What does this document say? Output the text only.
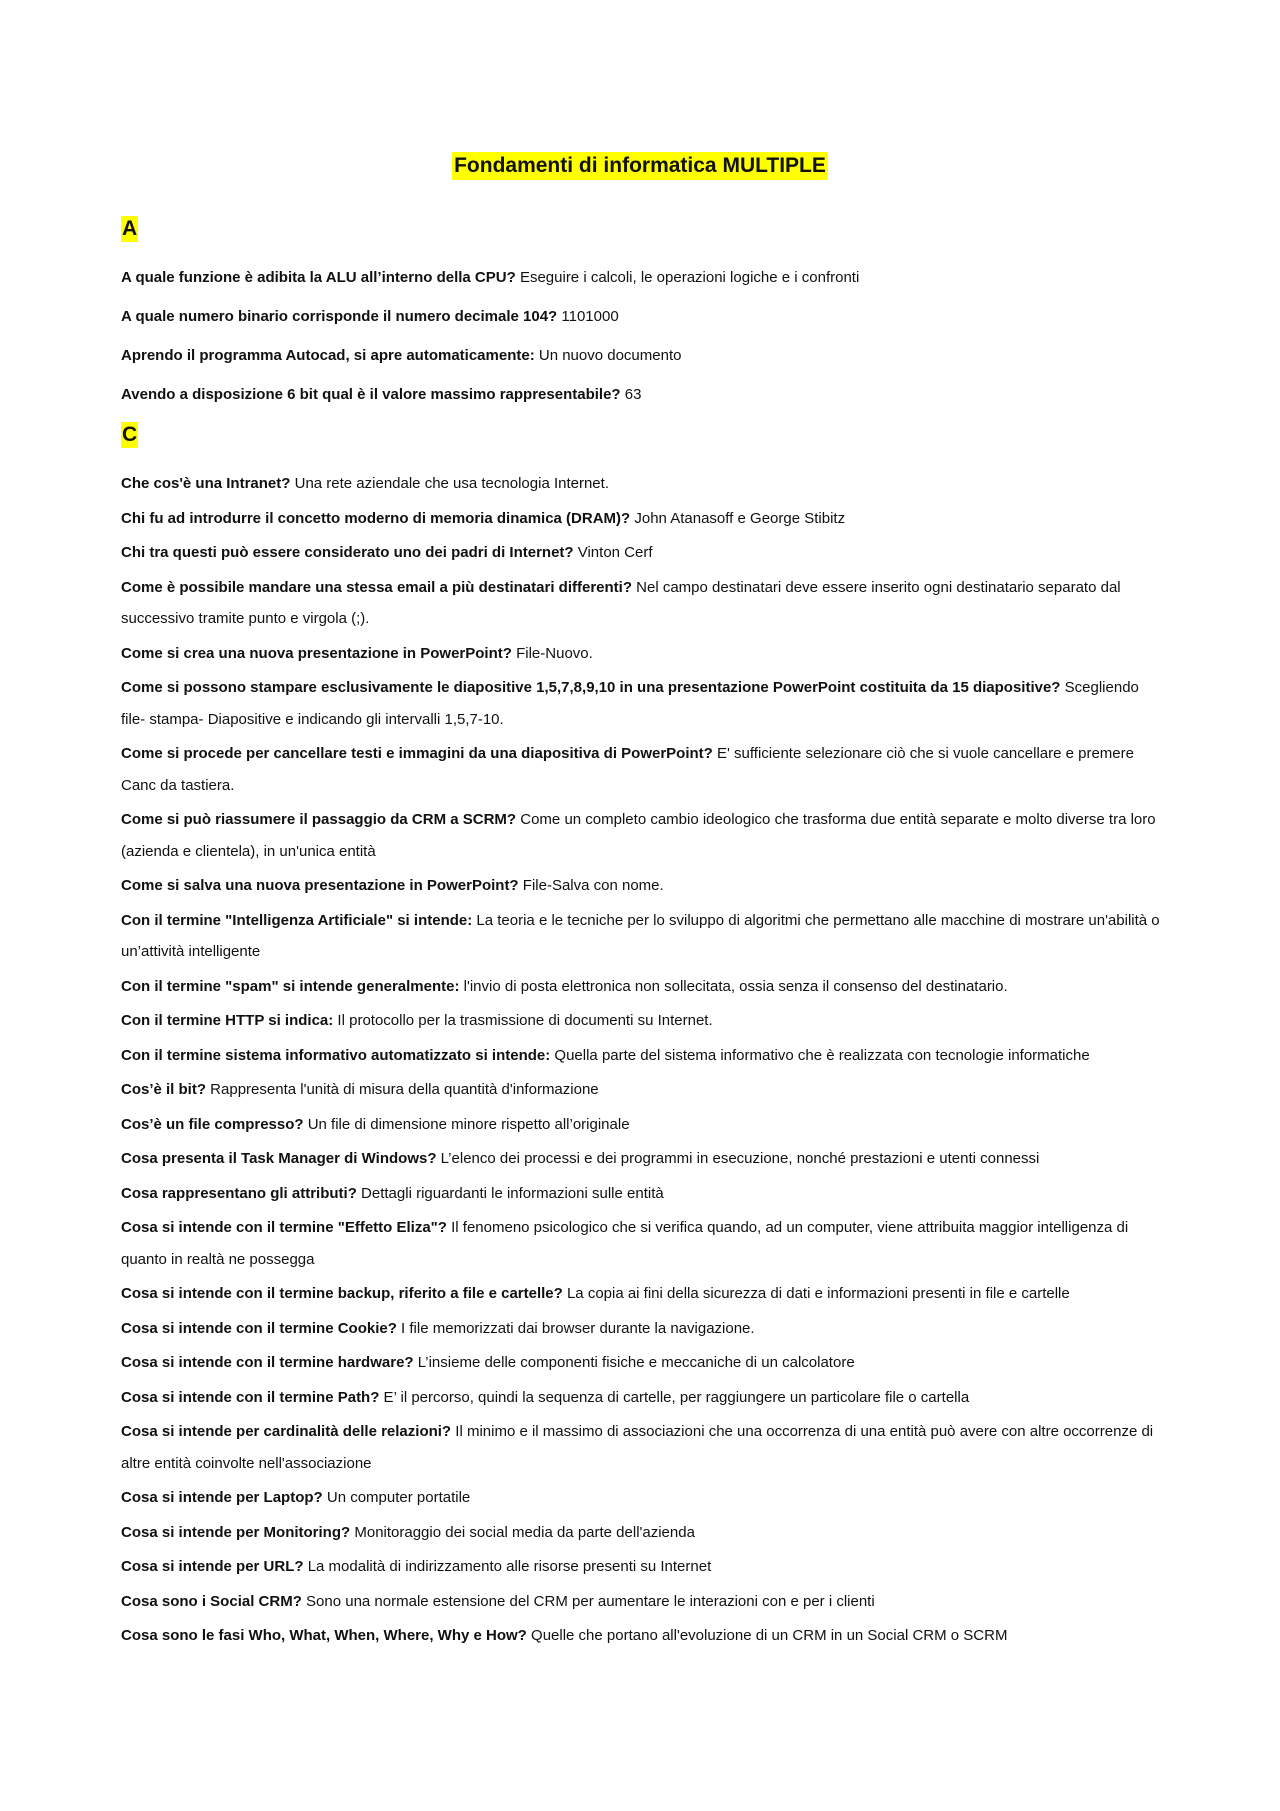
Fondamenti di informatica MULTIPLE
A

A quale funzione è adibita la ALU all’interno della CPU? Eseguire i calcoli, le operazioni logiche e i confronti

A quale numero binario corrisponde il numero decimale 104? 1101000

Aprendo il programma Autocad, si apre automaticamente: Un nuovo documento

Avendo a disposizione 6 bit qual è il valore massimo rappresentabile? 63

C

Che cos'è una Intranet? Una rete aziendale che usa tecnologia Internet.

Chi fu ad introdurre il concetto moderno di memoria dinamica (DRAM)? John Atanasoff e George Stibitz

Chi tra questi può essere considerato uno dei padri di Internet? Vinton Cerf

Come è possibile mandare una stessa email a più destinatari differenti? Nel campo destinatari deve essere inserito ogni destinatario separato dal successivo tramite punto e virgola (;).

Come si crea una nuova presentazione in PowerPoint? File-Nuovo.

Come si possono stampare esclusivamente le diapositive 1,5,7,8,9,10 in una presentazione PowerPoint costituita da 15 diapositive? Scegliendo file- stampa- Diapositive e indicando gli intervalli 1,5,7-10.

Come si procede per cancellare testi e immagini da una diapositiva di PowerPoint? E' sufficiente selezionare ciò che si vuole cancellare e premere Canc da tastiera.

Come si può riassumere il passaggio da CRM a SCRM? Come un completo cambio ideologico che trasforma due entità separate e molto diverse tra loro (azienda e clientela), in un'unica entità

Come si salva una nuova presentazione in PowerPoint? File-Salva con nome.

Con il termine "Intelligenza Artificiale" si intende: La teoria e le tecniche per lo sviluppo di algoritmi che permettano alle macchine di mostrare un'abilità o un’attività intelligente

Con il termine "spam" si intende generalmente: l'invio di posta elettronica non sollecitata, ossia senza il consenso del destinatario.

Con il termine HTTP si indica: Il protocollo per la trasmissione di documenti su Internet.

Con il termine sistema informativo automatizzato si intende: Quella parte del sistema informativo che è realizzata con tecnologie informatiche

Cos’è il bit? Rappresenta l'unità di misura della quantità d'informazione

Cos’è un file compresso? Un file di dimensione minore rispetto all’originale

Cosa presenta il Task Manager di Windows? L’elenco dei processi e dei programmi in esecuzione, nonché prestazioni e utenti connessi

Cosa rappresentano gli attributi? Dettagli riguardanti le informazioni sulle entità

Cosa si intende con il termine "Effetto Eliza"? Il fenomeno psicologico che si verifica quando, ad un computer, viene attribuita maggior intelligenza di quanto in realtà ne possegga

Cosa si intende con il termine backup, riferito a file e cartelle? La copia ai fini della sicurezza di dati e informazioni presenti in file e cartelle

Cosa si intende con il termine Cookie? I file memorizzati dai browser durante la navigazione.

Cosa si intende con il termine hardware? L’insieme delle componenti fisiche e meccaniche di un calcolatore

Cosa si intende con il termine Path? E’ il percorso, quindi la sequenza di cartelle, per raggiungere un particolare file o cartella

Cosa si intende per cardinalità delle relazioni? Il minimo e il massimo di associazioni che una occorrenza di una entità può avere con altre occorrenze di altre entità coinvolte nell'associazione

Cosa si intende per Laptop? Un computer portatile

Cosa si intende per Monitoring? Monitoraggio dei social media da parte dell'azienda

Cosa si intende per URL? La modalità di indirizzamento alle risorse presenti su Internet

Cosa sono i Social CRM? Sono una normale estensione del CRM per aumentare le interazioni con e per i clienti

Cosa sono le fasi Who, What, When, Where, Why e How? Quelle che portano all'evoluzione di un CRM in un Social CRM o SCRM
